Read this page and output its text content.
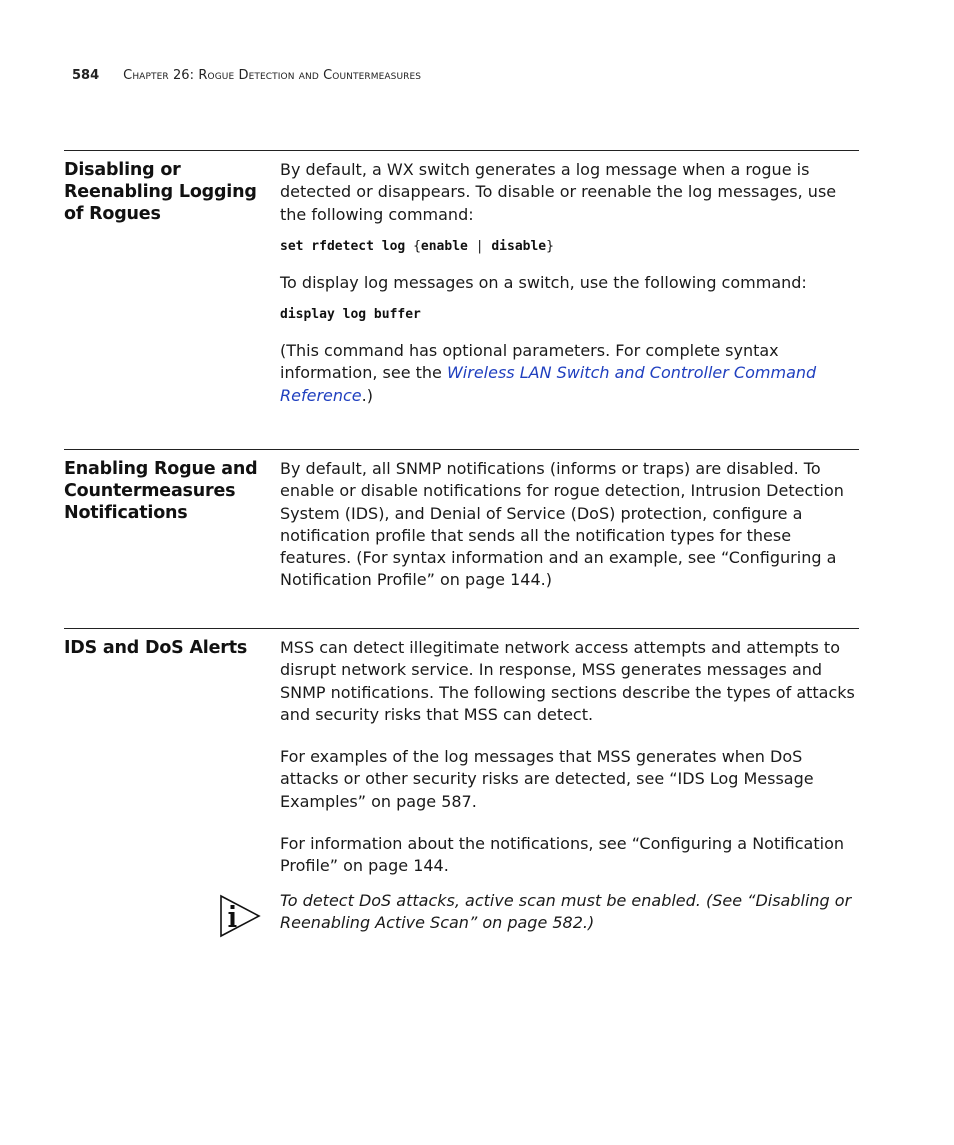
584 Chapter 26: Rogue Detection and Countermeasures
Disabling or Reenabling Logging of Rogues

By default, a WX switch generates a log message when a rogue is detected or disappears. To disable or reenable the log messages, use the following command:

set rfdetect log {enable | disable}

To display log messages on a switch, use the following command:

display log buffer

(This command has optional parameters. For complete syntax information, see the Wireless LAN Switch and Controller Command Reference.)

Enabling Rogue and Countermeasures Notifications

By default, all SNMP notifications (informs or traps) are disabled. To enable or disable notifications for rogue detection, Intrusion Detection System (IDS), and Denial of Service (DoS) protection, configure a notification profile that sends all the notification types for these features. (For syntax information and an example, see “Configuring a Notification Profile” on page 144.)

IDS and DoS Alerts	MSS can detect illegitimate network access attempts and attempts to disrupt network service. In response, MSS generates messages and SNMP notifications. The following sections describe the types of attacks and security risks that MSS can detect.

For examples of the log messages that MSS generates when DoS attacks or other security risks are detected, see “IDS Log Message Examples” on page 587.

For information about the notifications, see “Configuring a Notification Profile” on page 144.

To detect DoS attacks, active scan must be enabled. (See “Disabling or Reenabling Active Scan” on page 582.)
